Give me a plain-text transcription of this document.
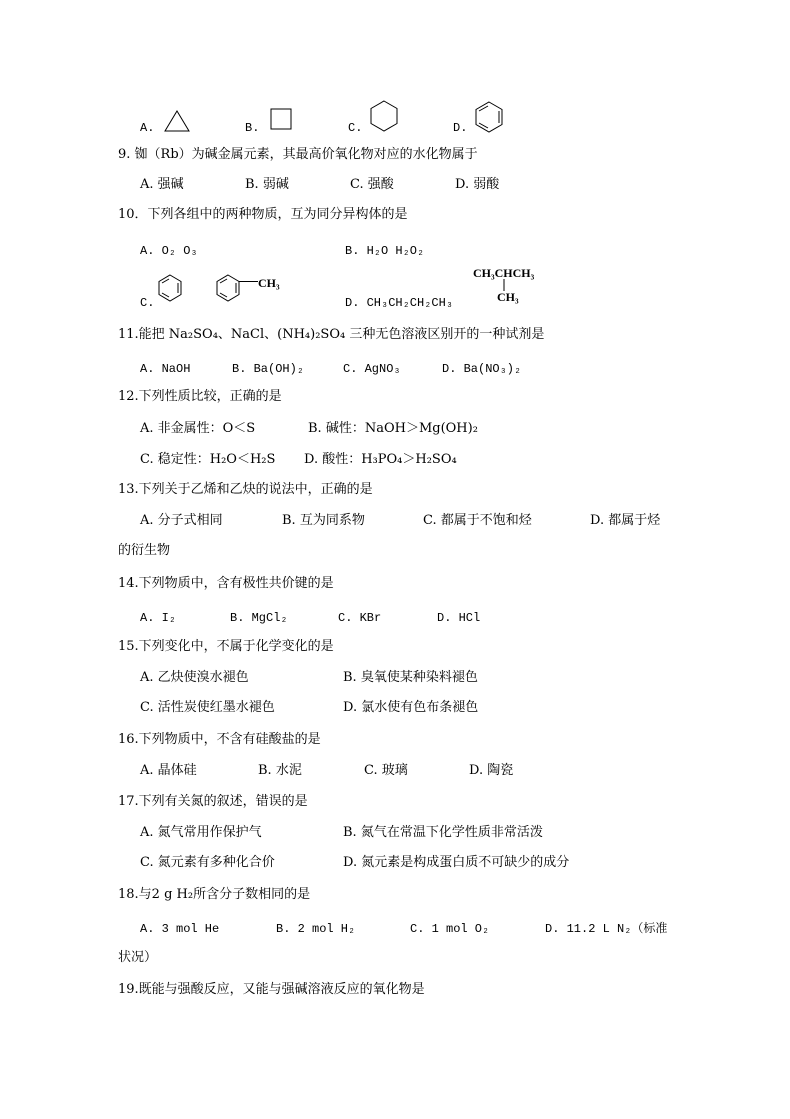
A.	B.	C.	D.
9. 铷（Rb）为碱金属元素，其最高价氧化物对应的水化物属于
A. 强碱	B. 弱碱	C. 强酸	D. 弱酸
10．下列各组中的两种物质，互为同分异构体的是
A. O₂ O₃	B. H₂O H₂O₂
C.
CH₃
D. CH₃CH₂CH₂CH₃
CH₃CHCH₃
CH₃
11.能把 Na₂SO₄、NaCl、(NH₄)₂SO₄ 三种无色溶液区别开的一种试剂是
A. NaOH	B. Ba(OH)₂	C. AgNO₃	D. Ba(NO₃)₂
12.下列性质比较，正确的是
A. 非金属性：O＜S	B. 碱性：NaOH＞Mg(OH)₂
C. 稳定性：H₂O＜H₂S D. 酸性：H₃PO₄＞H₂SO₄
13.下列关于乙烯和乙炔的说法中，正确的是
A. 分子式相同	B. 互为同系物	C. 都属于不饱和烃	D. 都属于烃
的衍生物
14.下列物质中，含有极性共价键的是
A. I₂	B. MgCl₂	C. KBr	D. HCl
15.下列变化中，不属于化学变化的是
A. 乙炔使溴水褪色	B. 臭氧使某种染料褪色
C. 活性炭使红墨水褪色	D. 氯水使有色布条褪色
16.下列物质中，不含有硅酸盐的是
A. 晶体硅	B. 水泥	C. 玻璃	D. 陶瓷
17.下列有关氮的叙述，错误的是
A. 氮气常用作保护气	B. 氮气在常温下化学性质非常活泼
C. 氮元素有多种化合价	D. 氮元素是构成蛋白质不可缺少的成分
18.与2 g H₂所含分子数相同的是
A. 3 mol He	B. 2 mol H₂	C. 1 mol O₂	D. 11.2 L N₂（标准
状况）
19.既能与强酸反应，又能与强碱溶液反应的氧化物是
